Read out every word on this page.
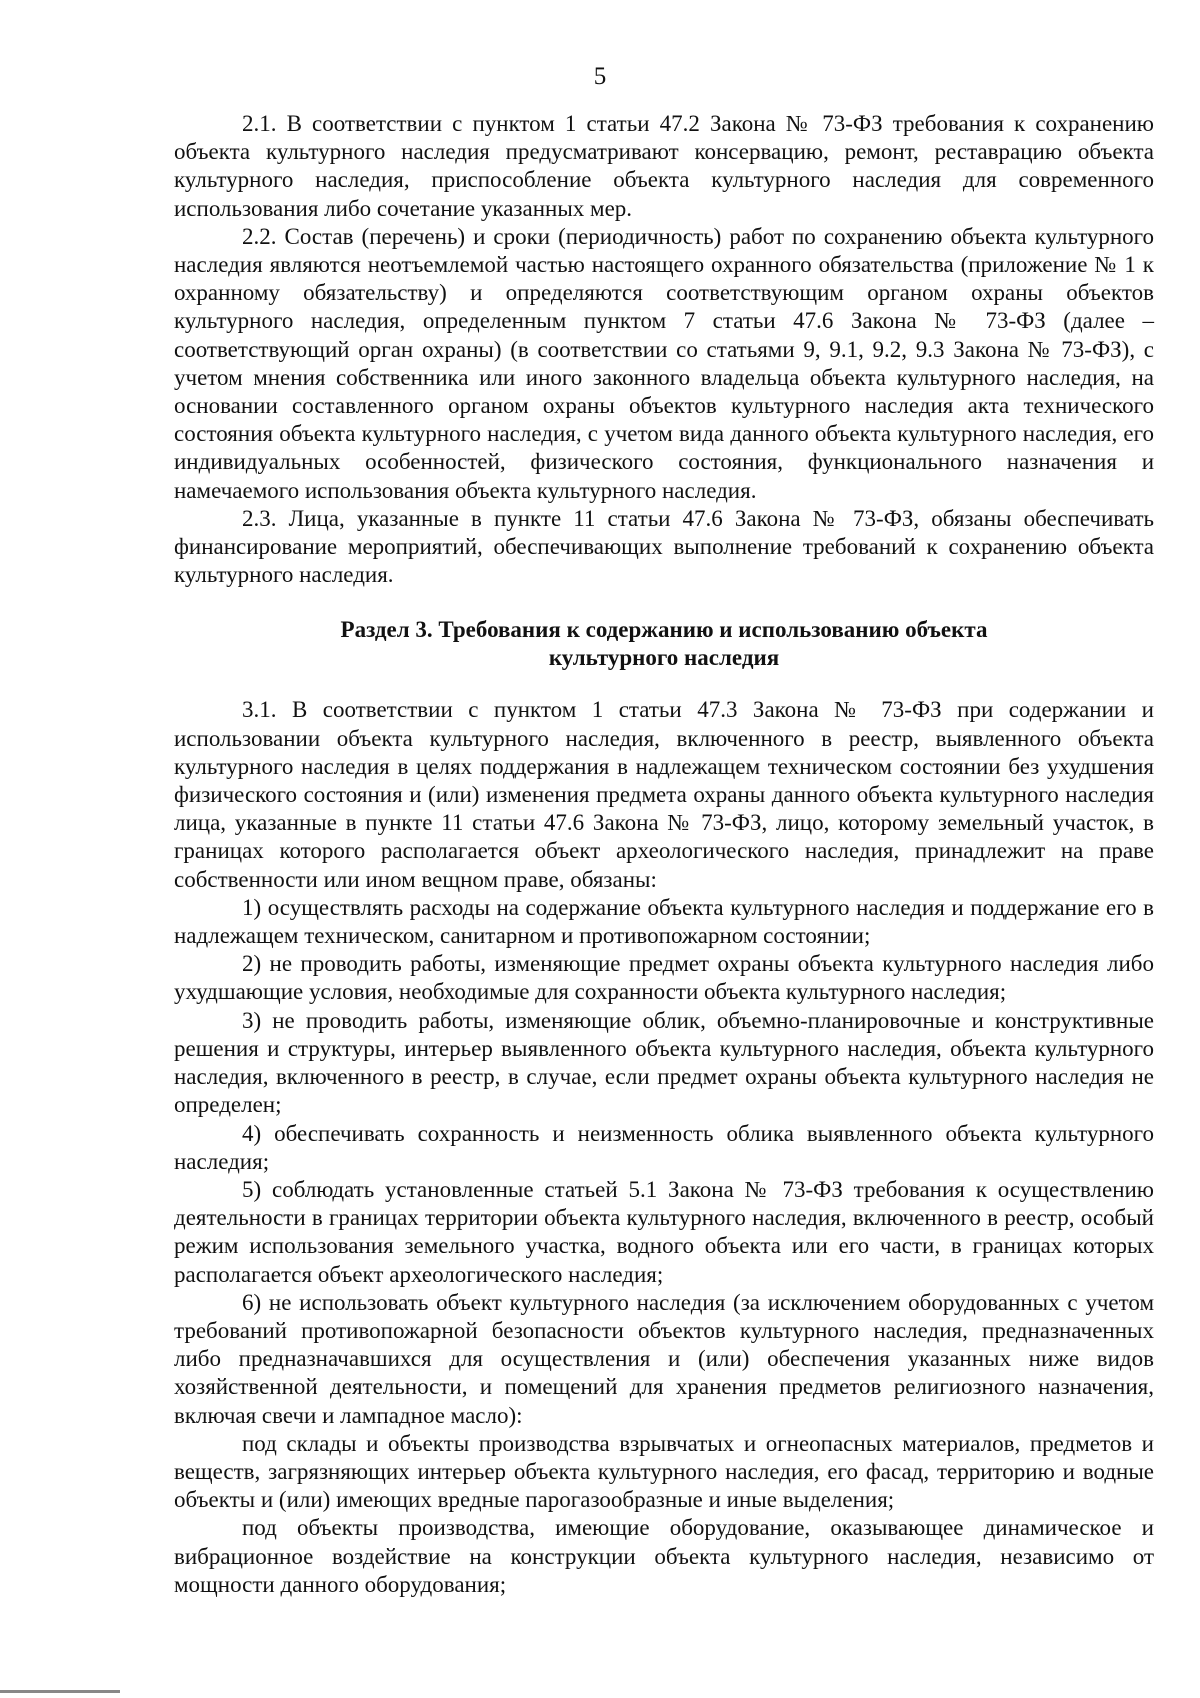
5

2.1. В соответствии с пунктом 1 статьи 47.2 Закона № 73-ФЗ требования к сохранению объекта культурного наследия предусматривают консервацию, ремонт, реставрацию объекта культурного наследия, приспособление объекта культурного наследия для современного использования либо сочетание указанных мер.

2.2. Состав (перечень) и сроки (периодичность) работ по сохранению объекта культурного наследия являются неотъемлемой частью настоящего охранного обязательства (приложение № 1 к охранному обязательству) и определяются соответствующим органом охраны объектов культурного наследия, определенным пунктом 7 статьи 47.6 Закона № 73-ФЗ (далее – соответствующий орган охраны) (в соответствии со статьями 9, 9.1, 9.2, 9.3 Закона № 73-ФЗ), с учетом мнения собственника или иного законного владельца объекта культурного наследия, на основании составленного органом охраны объектов культурного наследия акта технического состояния объекта культурного наследия, с учетом вида данного объекта культурного наследия, его индивидуальных особенностей, физического состояния, функционального назначения и намечаемого использования объекта культурного наследия.

2.3. Лица, указанные в пункте 11 статьи 47.6 Закона № 73-ФЗ, обязаны обеспечивать финансирование мероприятий, обеспечивающих выполнение требований к сохранению объекта культурного наследия.

Раздел 3. Требования к содержанию и использованию объекта
культурного наследия

3.1. В соответствии с пунктом 1 статьи 47.3 Закона № 73-ФЗ при содержании и использовании объекта культурного наследия, включенного в реестр, выявленного объекта культурного наследия в целях поддержания в надлежащем техническом состоянии без ухудшения физического состояния и (или) изменения предмета охраны данного объекта культурного наследия лица, указанные в пункте 11 статьи 47.6 Закона № 73-ФЗ, лицо, которому земельный участок, в границах которого располагается объект археологического наследия, принадлежит на праве собственности или ином вещном праве, обязаны:

1) осуществлять расходы на содержание объекта культурного наследия и поддержание его в надлежащем техническом, санитарном и противопожарном состоянии;

2) не проводить работы, изменяющие предмет охраны объекта культурного наследия либо ухудшающие условия, необходимые для сохранности объекта культурного наследия;

3) не проводить работы, изменяющие облик, объемно-планировочные и конструктивные решения и структуры, интерьер выявленного объекта культурного наследия, объекта культурного наследия, включенного в реестр, в случае, если предмет охраны объекта культурного наследия не определен;

4) обеспечивать сохранность и неизменность облика выявленного объекта культурного наследия;

5) соблюдать установленные статьей 5.1 Закона № 73-ФЗ требования к осуществлению деятельности в границах территории объекта культурного наследия, включенного в реестр, особый режим использования земельного участка, водного объекта или его части, в границах которых располагается объект археологического наследия;

6) не использовать объект культурного наследия (за исключением оборудованных с учетом требований противопожарной безопасности объектов культурного наследия, предназначенных либо предназначавшихся для осуществления и (или) обеспечения указанных ниже видов хозяйственной деятельности, и помещений для хранения предметов религиозного назначения, включая свечи и лампадное масло):

под склады и объекты производства взрывчатых и огнеопасных материалов, предметов и веществ, загрязняющих интерьер объекта культурного наследия, его фасад, территорию и водные объекты и (или) имеющих вредные парогазообразные и иные выделения;

под объекты производства, имеющие оборудование, оказывающее динамическое и вибрационное воздействие на конструкции объекта культурного наследия, независимо от мощности данного оборудования;
